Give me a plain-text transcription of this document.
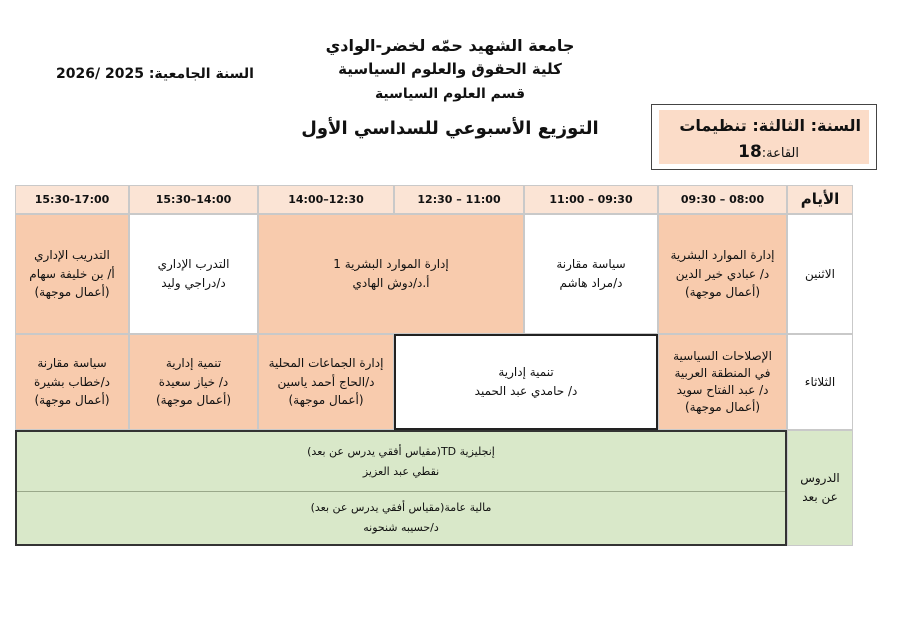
جامعة الشهيد حمّه لخضر-الوادي
كلية الحقوق والعلوم السياسية
قسم العلوم السياسية
التوزيع الأسبوعي للسداسي الأول
السنة الجامعية: 2025 /2026
السنة: الثالثة: تنظيمات
القاعة:18
الأيام
08:00 – 09:30
09:30 – 11:00
11:00 – 12:30
12:30–14:00
14:00–15:30
15:30-17:00
الاثنين
إدارة الموارد البشرية
د/ عبادي خير الدين
(أعمال موجهة)
سياسة مقارنة
د/مراد هاشم
إدارة الموارد البشرية 1
أ.د/دوش الهادي
التدرب الإداري
د/دراجي وليد
التدريب الإداري
أ/ بن خليفة سهام
(أعمال موجهة)
الثلاثاء
الإصلاحات السياسية
في المنطقة العربية
د/ عبد الفتاح سويد
(أعمال موجهة)
تنمية إدارية
د/ حامدي عبد الحميد
إدارة الجماعات المحلية
د/الحاج أحمد ياسين
(أعمال موجهة)
تنمية إدارية
د/ خياز سعيدة
(أعمال موجهة)
سياسة مقارنة
د/خطاب بشيرة
(أعمال موجهة)
الدروس
عن بعد
إنجليزية TD(مقياس أفقي يدرس عن بعد)
نقطي عبد العزيز
مالية عامة(مقياس أفقي يدرس عن بعد)
د/حسيبه شنحونه
